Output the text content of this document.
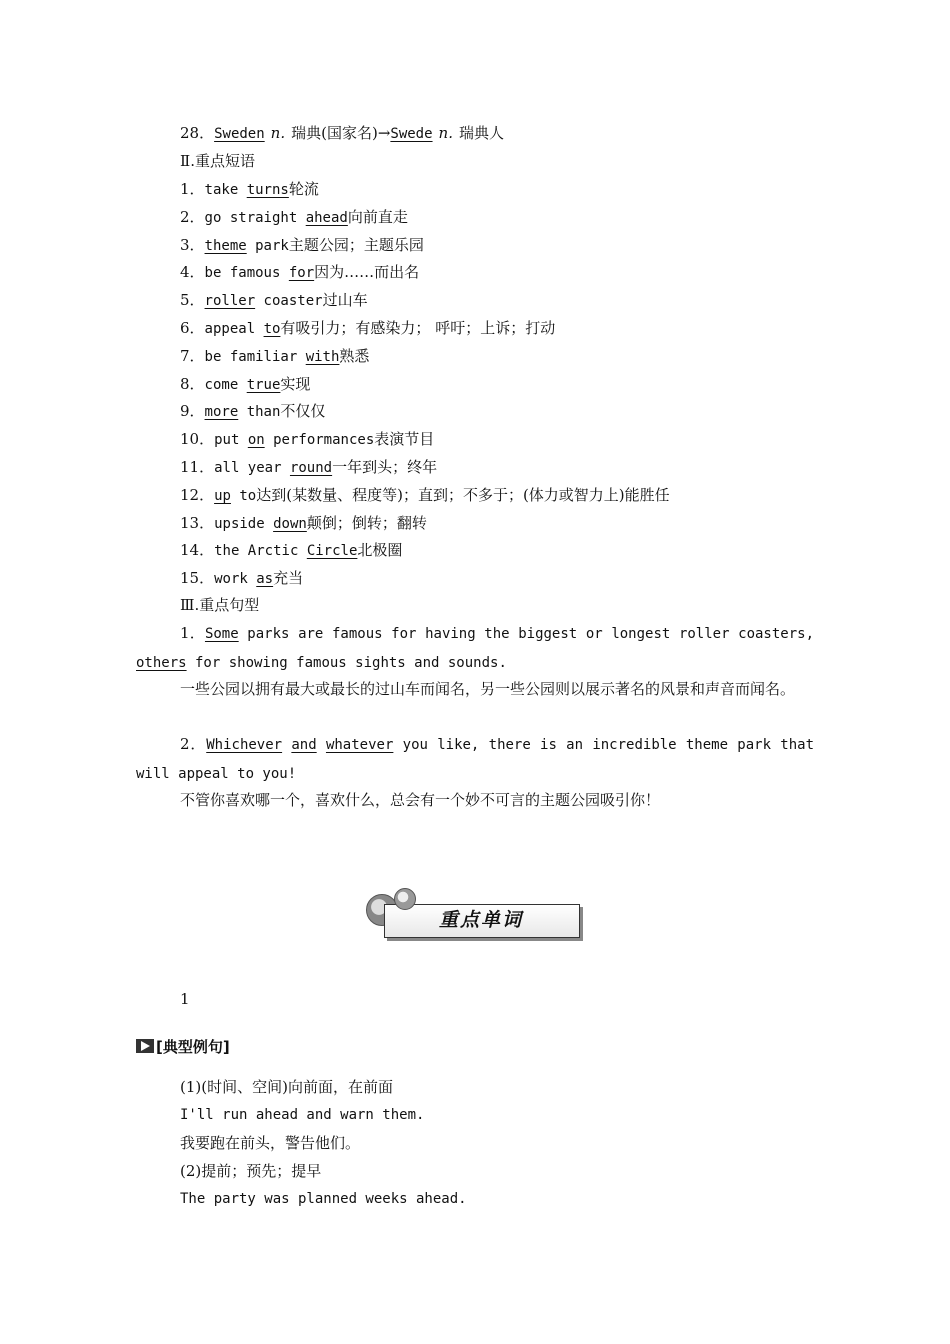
28．Sweden n. 瑞典(国家名)→Swede n. 瑞典人
Ⅱ.重点短语
1．take turns轮流
2．go straight ahead向前直走
3．theme park主题公园；主题乐园
4．be famous for因为……而出名
5．roller coaster过山车
6．appeal to有吸引力；有感染力； 呼吁；上诉；打动
7．be familiar with熟悉
8．come true实现
9．more than不仅仅
10．put on performances表演节目
11．all year round一年到头；终年
12．up to达到(某数量、程度等)；直到；不多于；(体力或智力上)能胜任
13．upside down颠倒；倒转；翻转
14．the Arctic Circle北极圈
15．work as充当
Ⅲ.重点句型
1．Some parks are famous for having the biggest or longest roller coasters, others for showing famous sights and sounds.
一些公园以拥有最大或最长的过山车而闻名，另一些公园则以展示著名的风景和声音而闻名。
2．Whichever and whatever you like, there is an incredible theme park that will appeal to you!
不管你喜欢哪一个，喜欢什么，总会有一个妙不可言的主题公园吸引你！
重点单词
1
[典型例句]
(1)(时间、空间)向前面，在前面
I'll run ahead and warn them.
我要跑在前头，警告他们。
(2)提前；预先；提早
The party was planned weeks ahead.
